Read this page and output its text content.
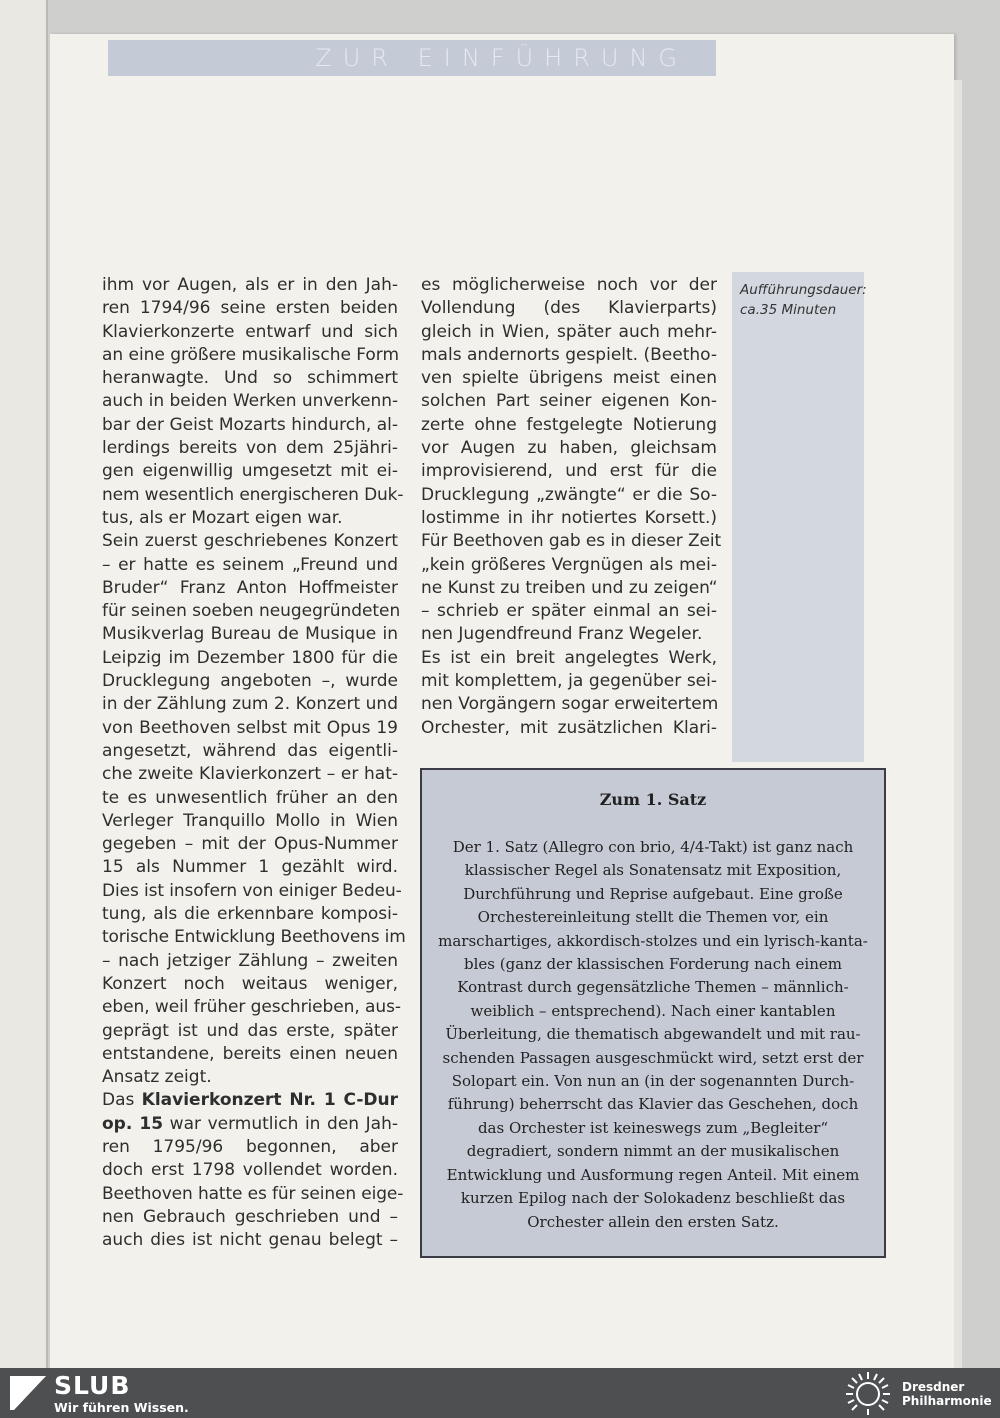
ZUR EINFÜHRUNG
Aufführungsdauer:
ca.35 Minuten
ihm vor Augen, als er in den Jah-
ren 1794/96 seine ersten beiden
Klavierkonzerte entwarf und sich
an eine größere musikalische Form
heranwagte. Und so schimmert
auch in beiden Werken unverkenn-
bar der Geist Mozarts hindurch, al-
lerdings bereits von dem 25jähri-
gen eigenwillig umgesetzt mit ei-
nem wesentlich energischeren Duk-
tus, als er Mozart eigen war.
Sein zuerst geschriebenes Konzert
– er hatte es seinem „Freund und
Bruder“ Franz Anton Hoffmeister
für seinen soeben neugegründeten
Musikverlag Bureau de Musique in
Leipzig im Dezember 1800 für die
Drucklegung angeboten –, wurde
in der Zählung zum 2. Konzert und
von Beethoven selbst mit Opus 19
angesetzt, während das eigentli-
che zweite Klavierkonzert – er hat-
te es unwesentlich früher an den
Verleger Tranquillo Mollo in Wien
gegeben – mit der Opus-Nummer
15 als Nummer 1 gezählt wird.
Dies ist insofern von einiger Bedeu-
tung, als die erkennbare komposi-
torische Entwicklung Beethovens im
– nach jetziger Zählung – zweiten
Konzert noch weitaus weniger,
eben, weil früher geschrieben, aus-
geprägt ist und das erste, später
entstandene, bereits einen neuen
Ansatz zeigt.
Das Klavierkonzert Nr. 1 C-Dur
op. 15 war vermutlich in den Jah-
ren 1795/96 begonnen, aber
doch erst 1798 vollendet worden.
Beethoven hatte es für seinen eige-
nen Gebrauch geschrieben und –
auch dies ist nicht genau belegt –
es möglicherweise noch vor der
Vollendung (des Klavierparts)
gleich in Wien, später auch mehr-
mals andernorts gespielt. (Beetho-
ven spielte übrigens meist einen
solchen Part seiner eigenen Kon-
zerte ohne festgelegte Notierung
vor Augen zu haben, gleichsam
improvisierend, und erst für die
Drucklegung „zwängte“ er die So-
lostimme in ihr notiertes Korsett.)
Für Beethoven gab es in dieser Zeit
„kein größeres Vergnügen als mei-
ne Kunst zu treiben und zu zeigen“
– schrieb er später einmal an sei-
nen Jugendfreund Franz Wegeler.
Es ist ein breit angelegtes Werk,
mit komplettem, ja gegenüber sei-
nen Vorgängern sogar erweitertem
Orchester, mit zusätzlichen Klari-
Zum 1. Satz
Der 1. Satz (Allegro con brio, 4/4-Takt) ist ganz nach
klassischer Regel als Sonatensatz mit Exposition,
Durchführung und Reprise aufgebaut. Eine große
Orchestereinleitung stellt die Themen vor, ein
marschartiges, akkordisch-stolzes und ein lyrisch-kanta-
bles (ganz der klassischen Forderung nach einem
Kontrast durch gegensätzliche Themen – männlich-
weiblich – entsprechend). Nach einer kantablen
Überleitung, die thematisch abgewandelt und mit rau-
schenden Passagen ausgeschmückt wird, setzt erst der
Solopart ein. Von nun an (in der sogenannten Durch-
führung) beherrscht das Klavier das Geschehen, doch
das Orchester ist keineswegs zum „Begleiter“
degradiert, sondern nimmt an der musikalischen
Entwicklung und Ausformung regen Anteil. Mit einem
kurzen Epilog nach der Solokadenz beschließt das
Orchester allein den ersten Satz.
SLUB
Wir führen Wissen.
Dresdner
Philharmonie
